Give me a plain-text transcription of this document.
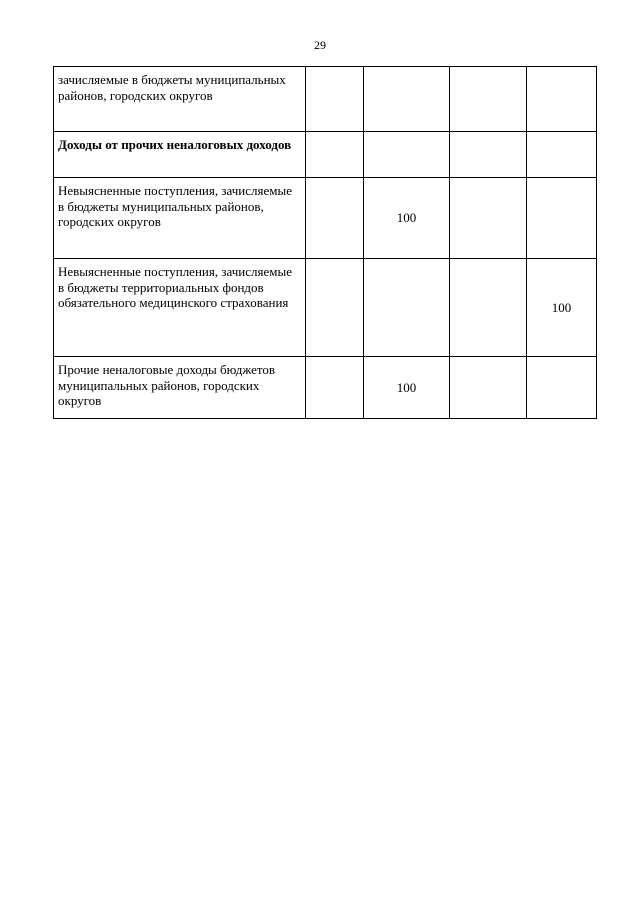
29
зачисляемые в бюджеты муниципальных районов, городских округов				
Доходы от прочих неналоговых доходов				
Невыясненные поступления, зачисляемые в бюджеты муниципальных районов, городских округов		100		
Невыясненные поступления, зачисляемые в бюджеты территориальных фондов обязательного медицинского страхования				100
Прочие неналоговые доходы бюджетов муниципальных районов, городских округов		100		
